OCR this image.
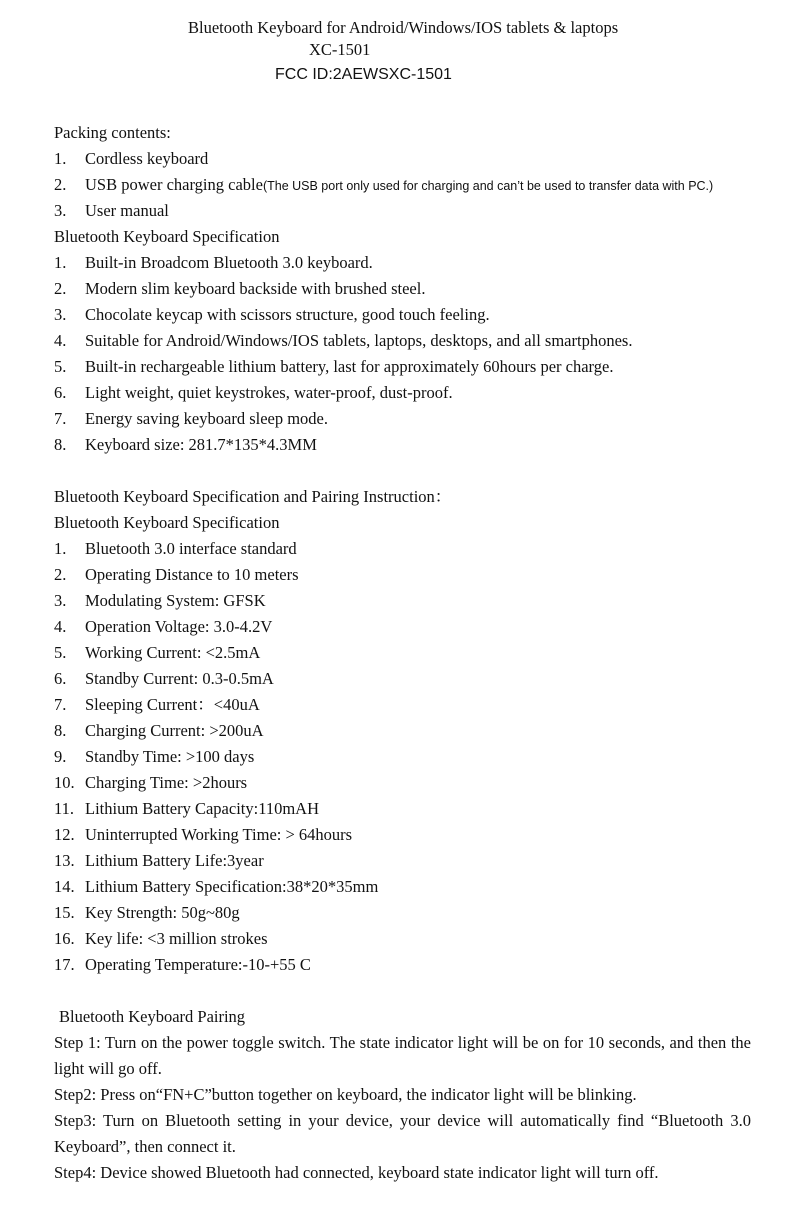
Bluetooth Keyboard for Android/Windows/IOS tablets & laptops
XC-1501
FCC ID:2AEWSXC-1501
Packing contents:
1. Cordless keyboard
2. USB power charging cable(The USB port only used for charging and can’t be used to transfer data with PC.)
3. User manual
Bluetooth Keyboard Specification
1. Built-in Broadcom Bluetooth 3.0 keyboard.
2. Modern slim keyboard backside with brushed steel.
3. Chocolate keycap with scissors structure, good touch feeling.
4. Suitable for Android/Windows/IOS tablets, laptops, desktops, and all smartphones.
5. Built-in rechargeable lithium battery, last for approximately 60hours per charge.
6. Light weight, quiet keystrokes, water-proof, dust-proof.
7. Energy saving keyboard sleep mode.
8. Keyboard size: 281.7*135*4.3MM
Bluetooth Keyboard Specification and Pairing Instruction：
Bluetooth Keyboard Specification
1. Bluetooth 3.0 interface standard
2. Operating Distance to 10 meters
3. Modulating System: GFSK
4. Operation Voltage: 3.0-4.2V
5. Working Current: <2.5mA
6. Standby Current: 0.3-0.5mA
7. Sleeping Current：<40uA
8. Charging Current: >200uA
9. Standby Time: >100 days
10. Charging Time: >2hours
11. Lithium Battery Capacity:110mAH
12. Uninterrupted Working Time: > 64hours
13. Lithium Battery Life:3year
14. Lithium Battery Specification:38*20*35mm
15. Key Strength: 50g~80g
16. Key life: <3 million strokes
17. Operating Temperature:-10-+55 C
Bluetooth Keyboard Pairing
Step 1: Turn on the power toggle switch. The state indicator light will be on for 10 seconds, and then the light will go off.
Step2: Press on“FN+C”button together on keyboard, the indicator light will be blinking.
Step3: Turn on Bluetooth setting in your device, your device will automatically find “Bluetooth 3.0 Keyboard”, then connect it.
Step4: Device showed Bluetooth had connected, keyboard state indicator light will turn off.
